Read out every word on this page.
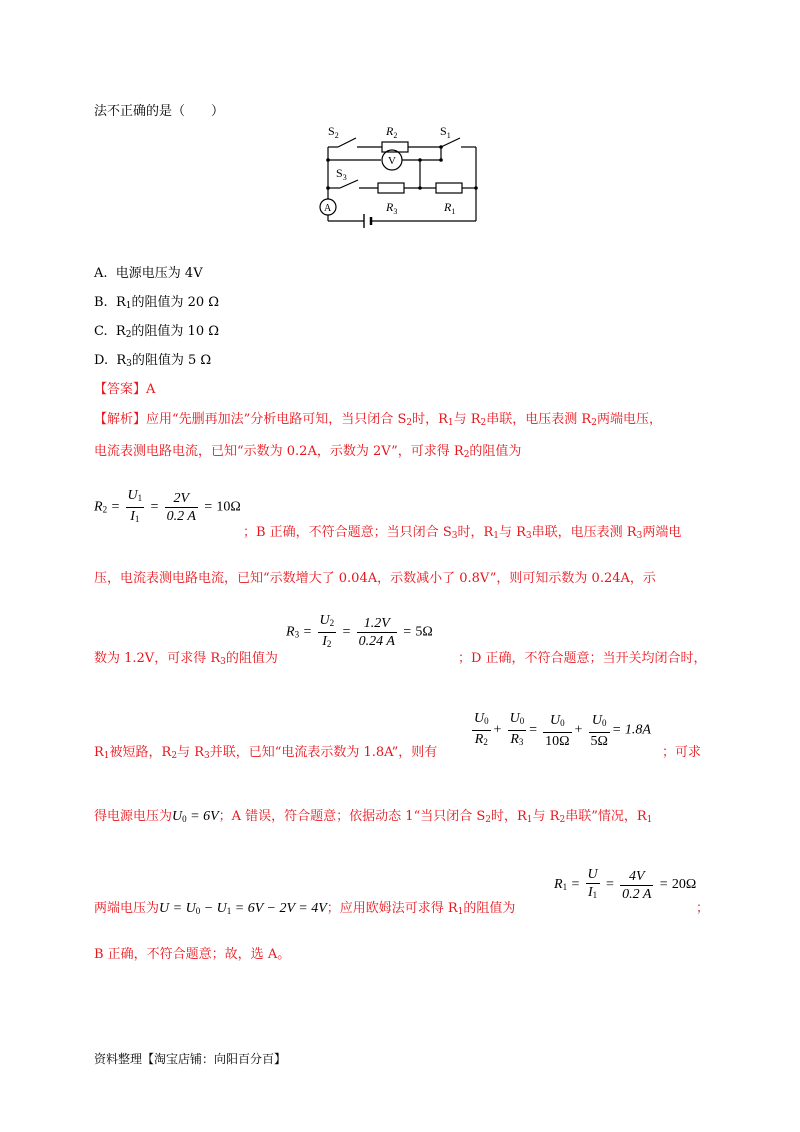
法不正确的是（　　）
$S_2$	$R_2$	$S_1$
V
$S_3$
A	$R_3$	$R_1$
A. 电源电压为 4V
B. $R_1$的阻值为 20 Ω
C. $R_2$的阻值为 10 Ω
D. $R_3$的阻值为 5 Ω
【答案】A
【解析】应用“先删再加法”分析电路可知，当只闭合 $S_2$时，$R_1$与 $R_2$串联，电压表测 $R_2$两端电压，
电流表测电路电流，已知“示数为 0.2A，示数为 2V”，可求得 $R_2$的阻值为
$R_2 = \frac{U_1}{I_1} = \frac{2V}{0.2 A} = 10\Omega$
；B 正确，不符合题意；当只闭合 $S_3$时，$R_1$与 $R_3$串联，电压表测 $R_3$两端电
压，电流表测电路电流，已知“示数增大了 0.04A，示数减小了 0.8V”，则可知示数为 0.24A，示
$R_3 = \frac{U_2}{I_2} = \frac{1.2V}{0.24 A} = 5\Omega$
数为 1.2V，可求得 $R_3$的阻值为	；D 正确，不符合题意；当开关均闭合时，
$\frac{U_0}{R_2} + \frac{U_0}{R_3} = \frac{U_0}{10\Omega} + \frac{U_0}{5\Omega} = 1.8A$
$R_1$被短路，$R_2$与 $R_3$并联，已知“电流表示数为 1.8A”，则有	；可求
得电源电压为$U_0 = 6V$；A 错误，符合题意；依据动态 1“当只闭合 $S_2$时，$R_1$与 $R_2$串联”情况，$R_1$
$R_1 = \frac{U}{I_1} = \frac{4V}{0.2 A} = 20\Omega$
两端电压为$U = U_0 - U_1 = 6V - 2V = 4V$；应用欧姆法可求得 $R_1$的阻值为	；
B 正确，不符合题意；故，选 A。
资料整理【淘宝店铺：向阳百分百】
